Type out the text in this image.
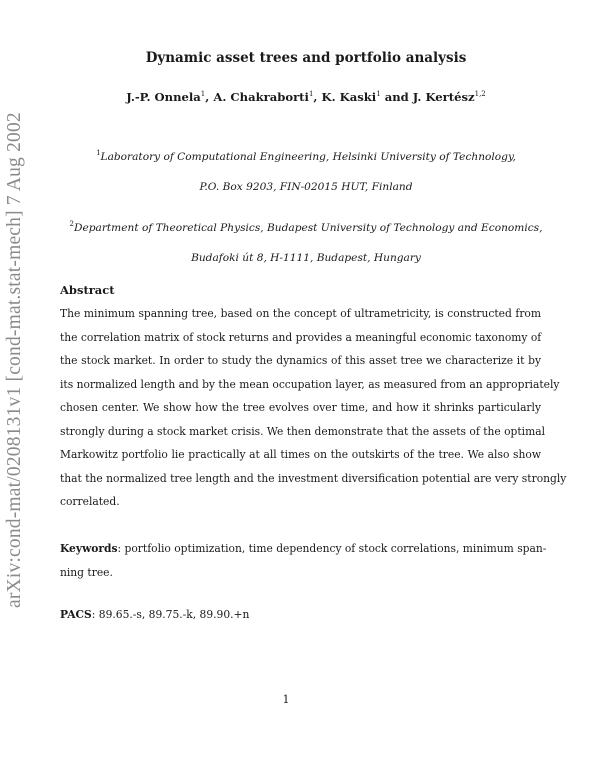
arXiv:cond-mat/0208131v1 [cond-mat.stat-mech] 7 Aug 2002
Dynamic asset trees and portfolio analysis
J.-P. Onnela$^1$, A. Chakraborti$^1$, K. Kaski$^1$ and J. Kertész$^{1,2}$
$^1$Laboratory of Computational Engineering, Helsinki University of Technology,
P.O. Box 9203, FIN-02015 HUT, Finland
$^2$Department of Theoretical Physics, Budapest University of Technology and Economics,
Budafoki út 8, H-1111, Budapest, Hungary
Abstract
The minimum spanning tree, based on the concept of ultrametricity, is constructed from
the correlation matrix of stock returns and provides a meaningful economic taxonomy of
the stock market. In order to study the dynamics of this asset tree we characterize it by
its normalized length and by the mean occupation layer, as measured from an appropriately
chosen center. We show how the tree evolves over time, and how it shrinks particularly
strongly during a stock market crisis. We then demonstrate that the assets of the optimal
Markowitz portfolio lie practically at all times on the outskirts of the tree. We also show
that the normalized tree length and the investment diversification potential are very strongly
correlated.
Keywords: portfolio optimization, time dependency of stock correlations, minimum span-
ning tree.
PACS: 89.65.-s, 89.75.-k, 89.90.+n
1
